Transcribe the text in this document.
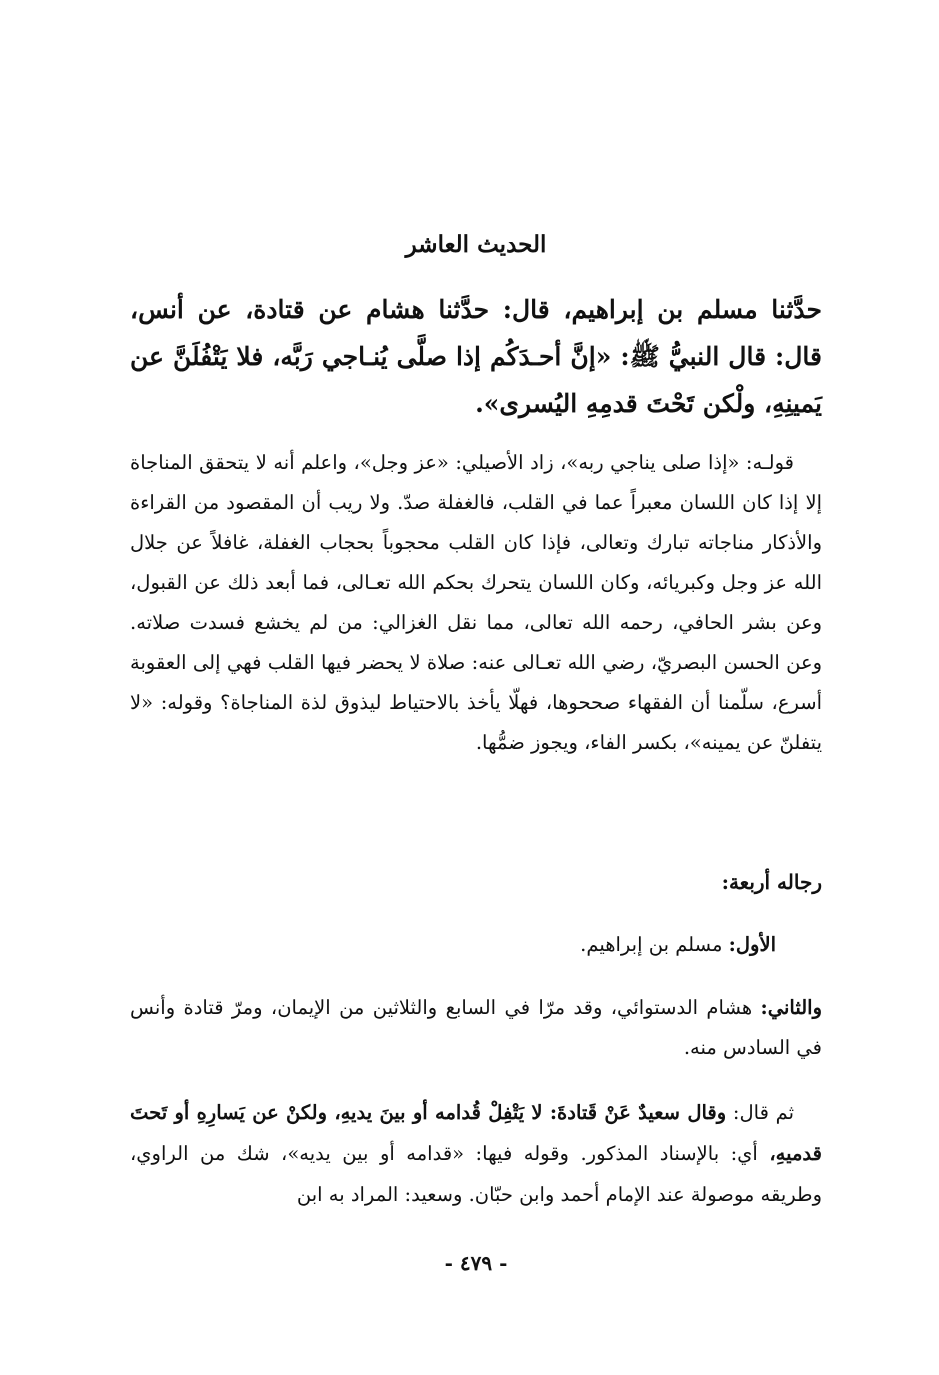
الحديث العاشر

حدَّثنا مسلم بن إبراهيم، قال: حدَّثنا هشام عن قتادة، عن أنس، قال: قال النبيُّ ﷺ: «إنَّ أحـدَكُم إذا صلَّى يُنـاجي رَبَّه، فلا يَتْفُلَنَّ عن يَمينِهِ، ولْكن تَحْتَ قدمِهِ اليُسرى».

قولـه: «إذا صلى يناجي ربه»، زاد الأصيلي: «عز وجل»، واعلم أنه لا يتحقق المناجاة إلا إذا كان اللسان معبراً عما في القلب، فالغفلة صدّ. ولا ريب أن المقصود من القراءة والأذكار مناجاته تبارك وتعالى، فإذا كان القلب محجوباً بحجاب الغفلة، غافلاً عن جلال الله عز وجل وكبريائه، وكان اللسان يتحرك بحكم الله تعـالى، فما أبعد ذلك عن القبول، وعن بشر الحافي، رحمه الله تعالى، مما نقل الغزالي: من لم يخشع فسدت صلاته. وعن الحسن البصريّ، رضي الله تعـالى عنه: صلاة لا يحضر فيها القلب فهي إلى العقوبة أسرع، سلّمنا أن الفقهاء صححوها، فهلّا يأخذ بالاحتياط ليذوق لذة المناجاة؟ وقوله: «لا يتفلنّ عن يمينه»، بكسر الفاء، ويجوز ضمُّها.

رجاله أربعة:

الأول: مسلم بن إبراهيم.

والثاني: هشام الدستوائي، وقد مرّا في السابع والثلاثين من الإيمان، ومرّ قتادة وأنس في السادس منه.

ثم قال: وقال سعيدٌ عَنْ قَتادةَ: لا يَتْفِلْ قُدامه أو بينَ يديهِ، ولكنْ عن يَسارِهِ أو تَحتَ قدميهِ، أي: بالإسناد المذكور. وقوله فيها: «قدامه أو بين يديه»، شك من الراوي، وطريقه موصولة عند الإمام أحمد وابن حبّان. وسعيد: المراد به ابن

- ٤٧٩ -
